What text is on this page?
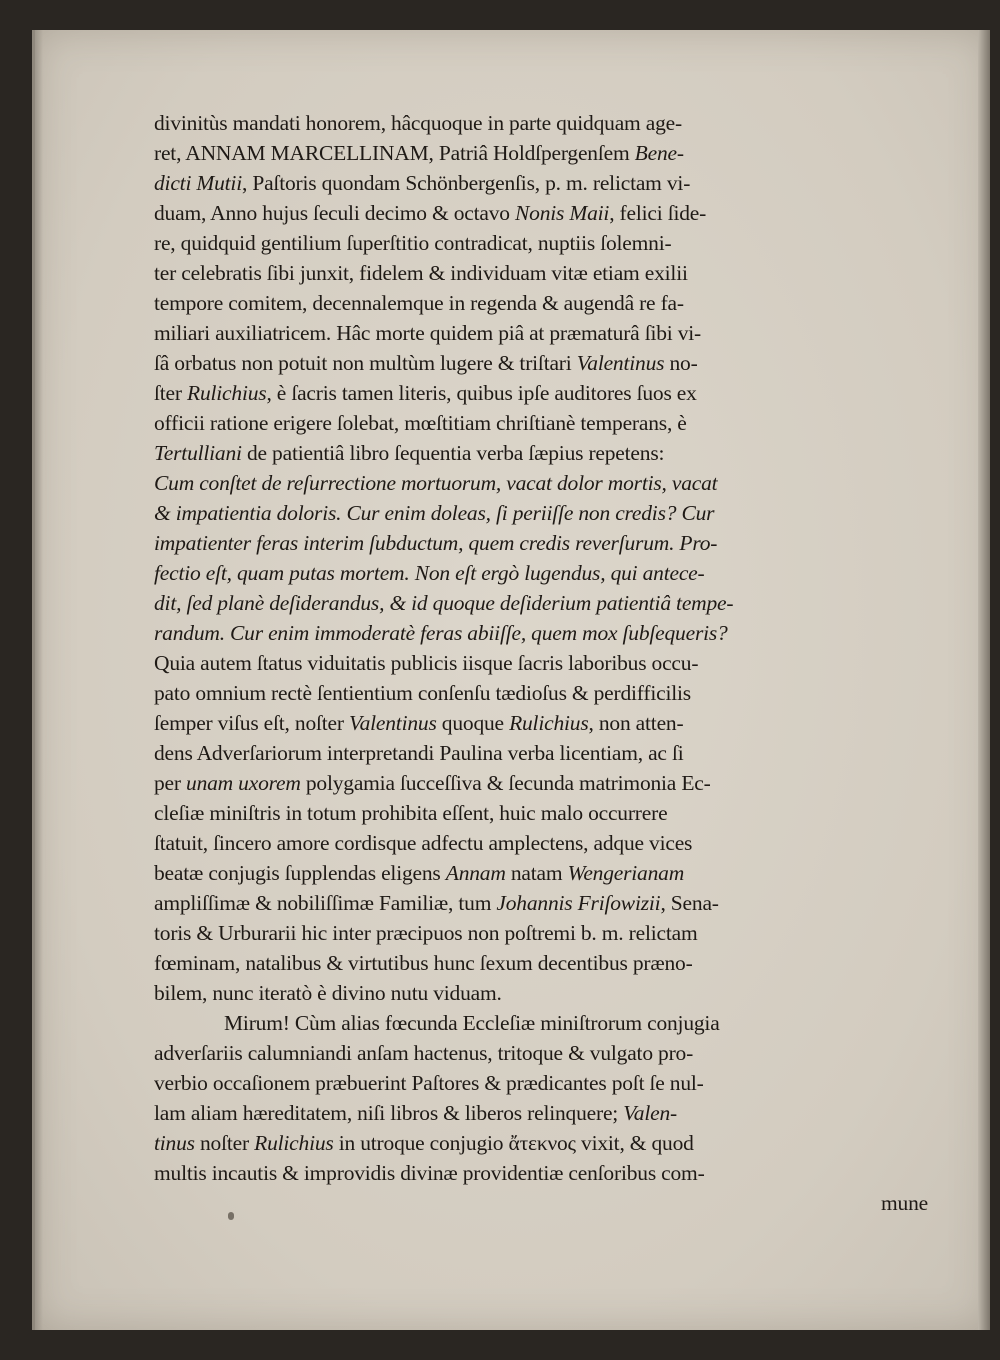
divinitùs mandati honorem, hâcquoque in parte quidquam age-
ret, ANNAM MARCELLINAM, Patriâ Holdſpergenſem Bene-
dicti Mutii, Paſtoris quondam Schönbergenſis, p. m. relictam vi-
duam, Anno hujus ſeculi decimo & octavo Nonis Maii, felici ſide-
re, quidquid gentilium ſuperſtitio contradicat, nuptiis ſolemni-
ter celebratis ſibi junxit, fidelem & individuam vitæ etiam exilii
tempore comitem, decennalemque in regenda & augendâ re fa-
miliari auxiliatricem. Hâc morte quidem piâ at præmaturâ ſibi vi-
ſâ orbatus non potuit non multùm lugere & triſtari Valentinus no-
ſter Rulichius, è ſacris tamen literis, quibus ipſe auditores ſuos ex
officii ratione erigere ſolebat, mœſtitiam chriſtianè temperans, è
Tertulliani de patientiâ libro ſequentia verba ſæpius repetens:
Cum conſtet de reſurrectione mortuorum, vacat dolor mortis, vacat
& impatientia doloris. Cur enim doleas, ſi periiſſe non credis? Cur
impatienter feras interim ſubductum, quem credis reverſurum. Pro-
fectio eſt, quam putas mortem. Non eſt ergò lugendus, qui antece-
dit, ſed planè deſiderandus, & id quoque deſiderium patientiâ tempe-
randum. Cur enim immoderatè feras abiiſſe, quem mox ſubſequeris?
Quia autem ſtatus viduitatis publicis iisque ſacris laboribus occu-
pato omnium rectè ſentientium conſenſu tædioſus & perdifficilis
ſemper viſus eſt, noſter Valentinus quoque Rulichius, non atten-
dens Adverſariorum interpretandi Paulina verba licentiam, ac ſi
per unam uxorem polygamia ſucceſſiva & ſecunda matrimonia Ec-
cleſiæ miniſtris in totum prohibita eſſent, huic malo occurrere
ſtatuit, ſincero amore cordisque adfectu amplectens, adque vices
beatæ conjugis ſupplendas eligens Annam natam Wengerianam
ampliſſimæ & nobiliſſimæ Familiæ, tum Johannis Friſowizii, Sena-
toris & Urburarii hic inter præcipuos non poſtremi b. m. relictam
fœminam, natalibus & virtutibus hunc ſexum decentibus præno-
bilem, nunc iteratò è divino nutu viduam.
Mirum! Cùm alias fœcunda Eccleſiæ miniſtrorum conjugia
adverſariis calumniandi anſam hactenus, tritoque & vulgato pro-
verbio occaſionem præbuerint Paſtores & prædicantes poſt ſe nul-
lam aliam hæreditatem, niſi libros & liberos relinquere; Valen-
tinus noſter Rulichius in utroque conjugio ἄτεκνος vixit, & quod
multis incautis & improvidis divinæ providentiæ cenſoribus com-
mune
